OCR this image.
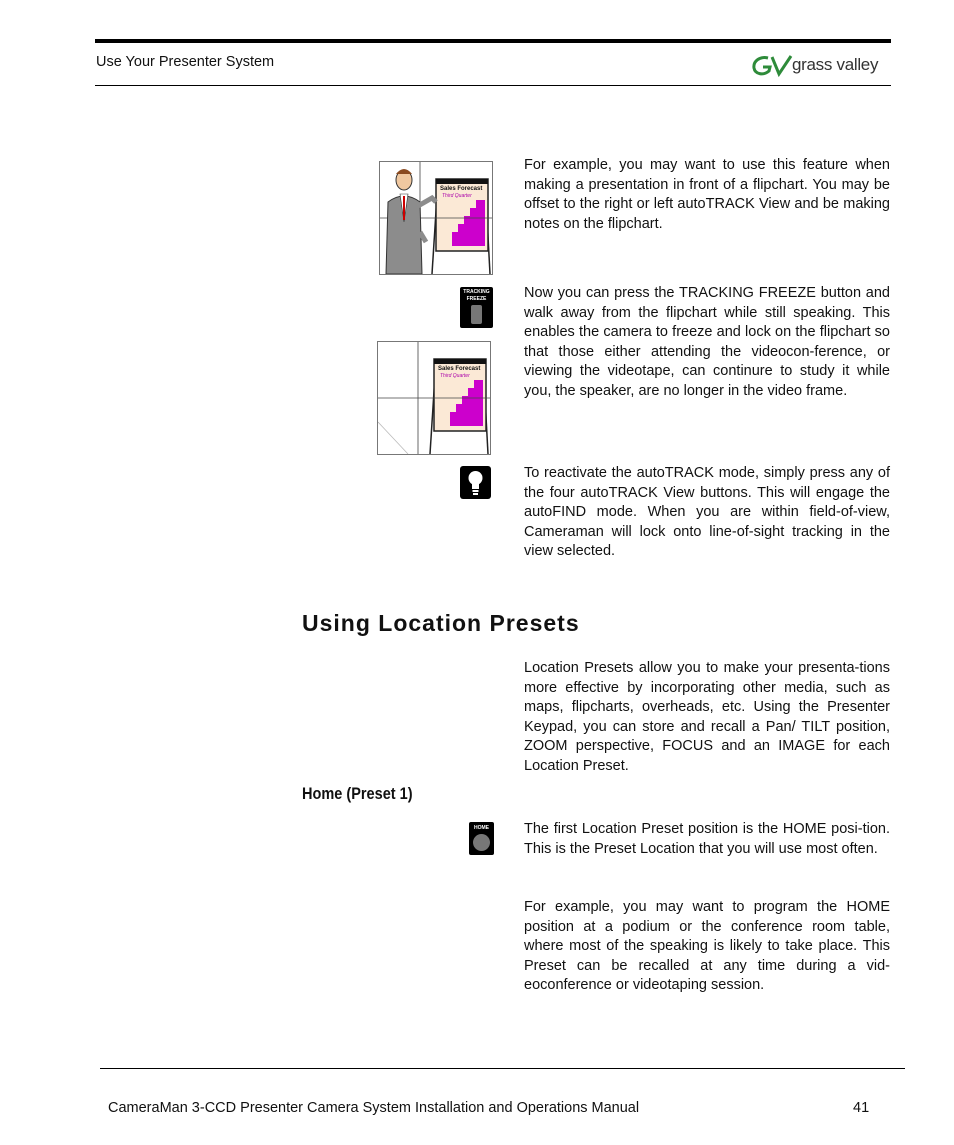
Use Your Presenter System	grass valley
Sales Forecast
Third Quarter
For example, you may want to use this feature when making a presentation in front of a flipchart. You may be offset to the right or left autoTRACK View and be making notes on the flipchart.
TRACKING
FREEZE
Sales Forecast
Third Quarter
Now you can press the TRACKING FREEZE button and walk away from the flipchart while still speaking. This enables the camera to freeze and lock on the flipchart so that those either attending the videocon-ference, or viewing the videotape, can continure to study it while you, the speaker, are no longer in the video frame.
To reactivate the autoTRACK mode, simply press any of the four autoTRACK View buttons. This will engage the autoFIND mode. When you are within field-of-view, Cameraman will lock onto line-of-sight tracking in the view selected.
Using Location Presets
Location Presets allow you to make your presenta-tions more effective by incorporating other media, such as maps, flipcharts, overheads, etc. Using the Presenter Keypad, you can store and recall a Pan/ TILT position, ZOOM perspective, FOCUS and an IMAGE for each Location Preset.
Home (Preset 1)
HOME	The first Location Preset position is the HOME posi-tion. This is the Preset Location that you will use most often.
For example, you may want to program the HOME position at a podium or the conference room table, where most of the speaking is likely to take place. This Preset can be recalled at any time during a vid-eoconference or videotaping session.
CameraMan 3-CCD Presenter Camera System Installation and Operations Manual	41
